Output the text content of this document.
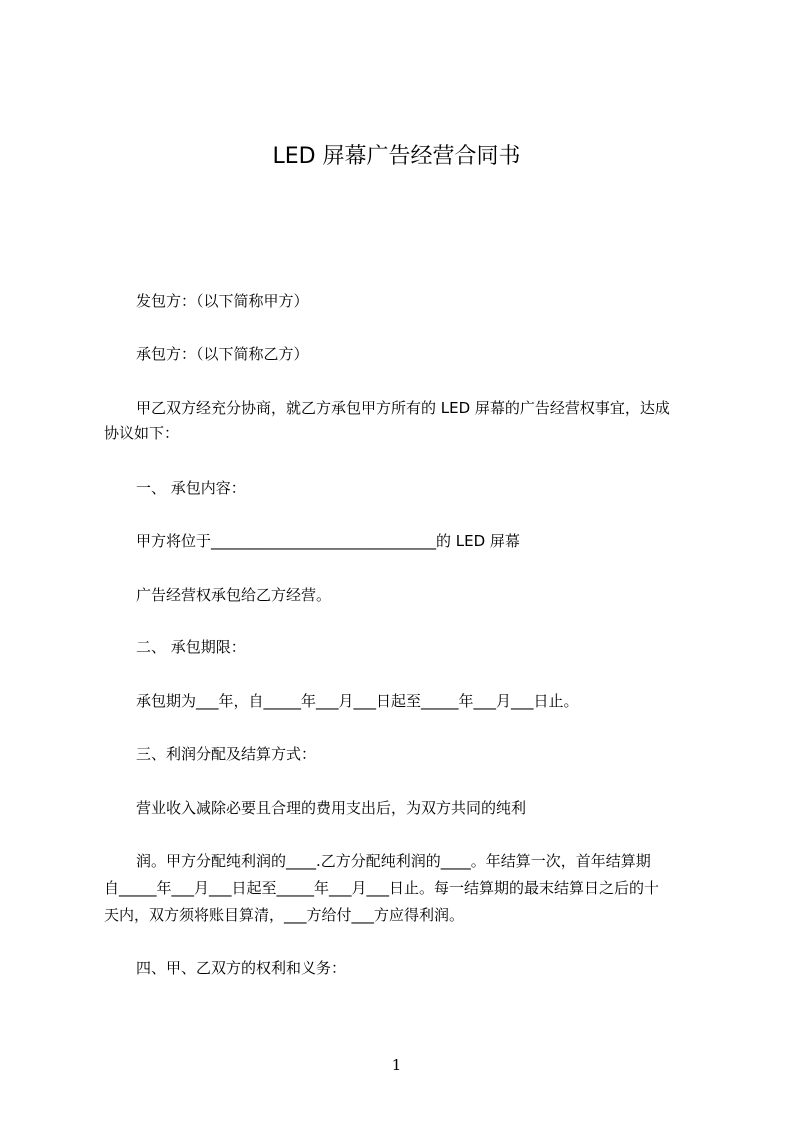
LED 屏幕广告经营合同书

发包方：（以下简称甲方）

承包方：（以下简称乙方）

甲乙双方经充分协商，就乙方承包甲方所有的 LED 屏幕的广告经营权事宜，达成

协议如下：

一、 承包内容：

甲方将位于______________________________的 LED 屏幕

广告经营权承包给乙方经营。

二、 承包期限：

承包期为___年，自_____年___月___日起至_____年___月___日止。

三、利润分配及结算方式：

营业收入减除必要且合理的费用支出后，为双方共同的纯利

润。甲方分配纯利润的____.乙方分配纯利润的____。年结算一次，首年结算期

自_____年___月___日起至_____年___月___日止。每一结算期的最末结算日之后的十

天内，双方须将账目算清，___方给付___方应得利润。

四、甲、乙双方的权利和义务：

1
